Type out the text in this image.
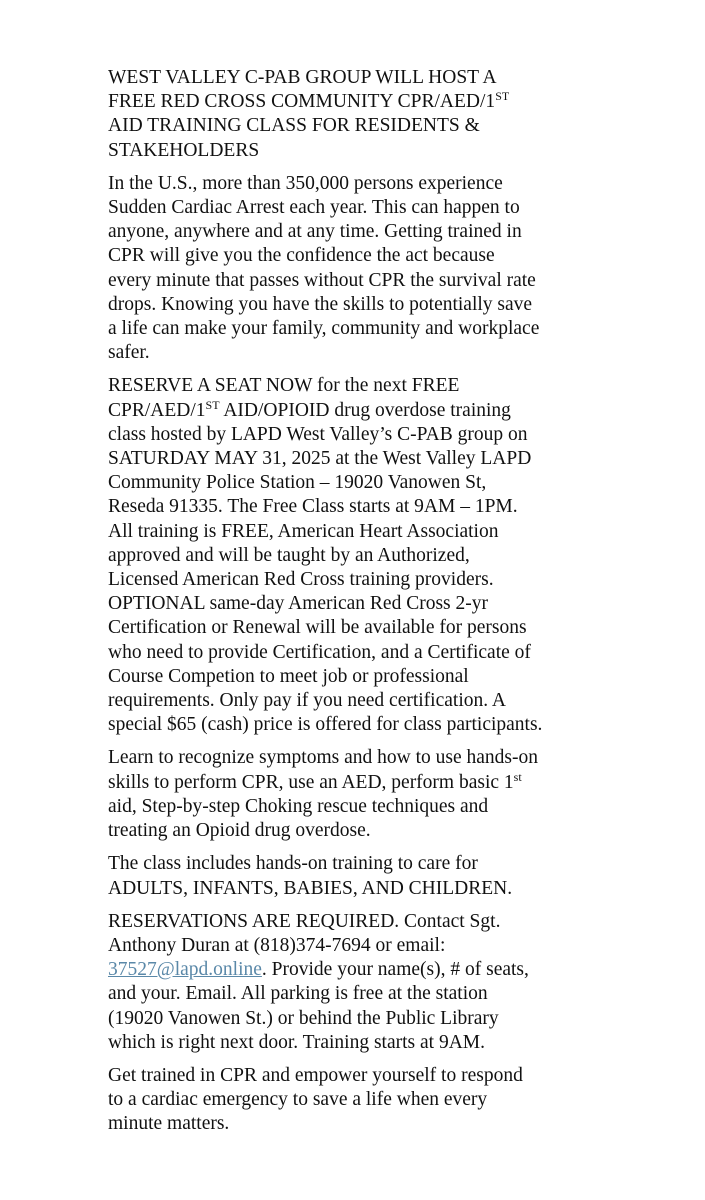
WEST VALLEY C-PAB GROUP WILL HOST A
FREE RED CROSS COMMUNITY CPR/AED/1ST
AID TRAINING CLASS FOR RESIDENTS &
STAKEHOLDERS

In the U.S., more than 350,000 persons experience
Sudden Cardiac Arrest each year. This can happen to
anyone, anywhere and at any time. Getting trained in
CPR will give you the confidence the act because
every minute that passes without CPR the survival rate
drops. Knowing you have the skills to potentially save
a life can make your family, community and workplace
safer.

RESERVE A SEAT NOW for the next FREE
CPR/AED/1ST AID/OPIOID drug overdose training
class hosted by LAPD West Valley’s C-PAB group on
SATURDAY MAY 31, 2025 at the West Valley LAPD
Community Police Station – 19020 Vanowen St,
Reseda 91335. The Free Class starts at 9AM – 1PM.
All training is FREE, American Heart Association
approved and will be taught by an Authorized,
Licensed American Red Cross training providers.
OPTIONAL same-day American Red Cross 2-yr
Certification or Renewal will be available for persons
who need to provide Certification, and a Certificate of
Course Competion to meet job or professional
requirements. Only pay if you need certification. A
special $65 (cash) price is offered for class participants.

Learn to recognize symptoms and how to use hands-on
skills to perform CPR, use an AED, perform basic 1st
aid, Step-by-step Choking rescue techniques and
treating an Opioid drug overdose.

The class includes hands-on training to care for
ADULTS, INFANTS, BABIES, AND CHILDREN.

RESERVATIONS ARE REQUIRED. Contact Sgt.
Anthony Duran at (818)374-7694 or email:
37527@lapd.online. Provide your name(s), # of seats,
and your. Email. All parking is free at the station
(19020 Vanowen St.) or behind the Public Library
which is right next door. Training starts at 9AM.

Get trained in CPR and empower yourself to respond
to a cardiac emergency to save a life when every
minute matters.
